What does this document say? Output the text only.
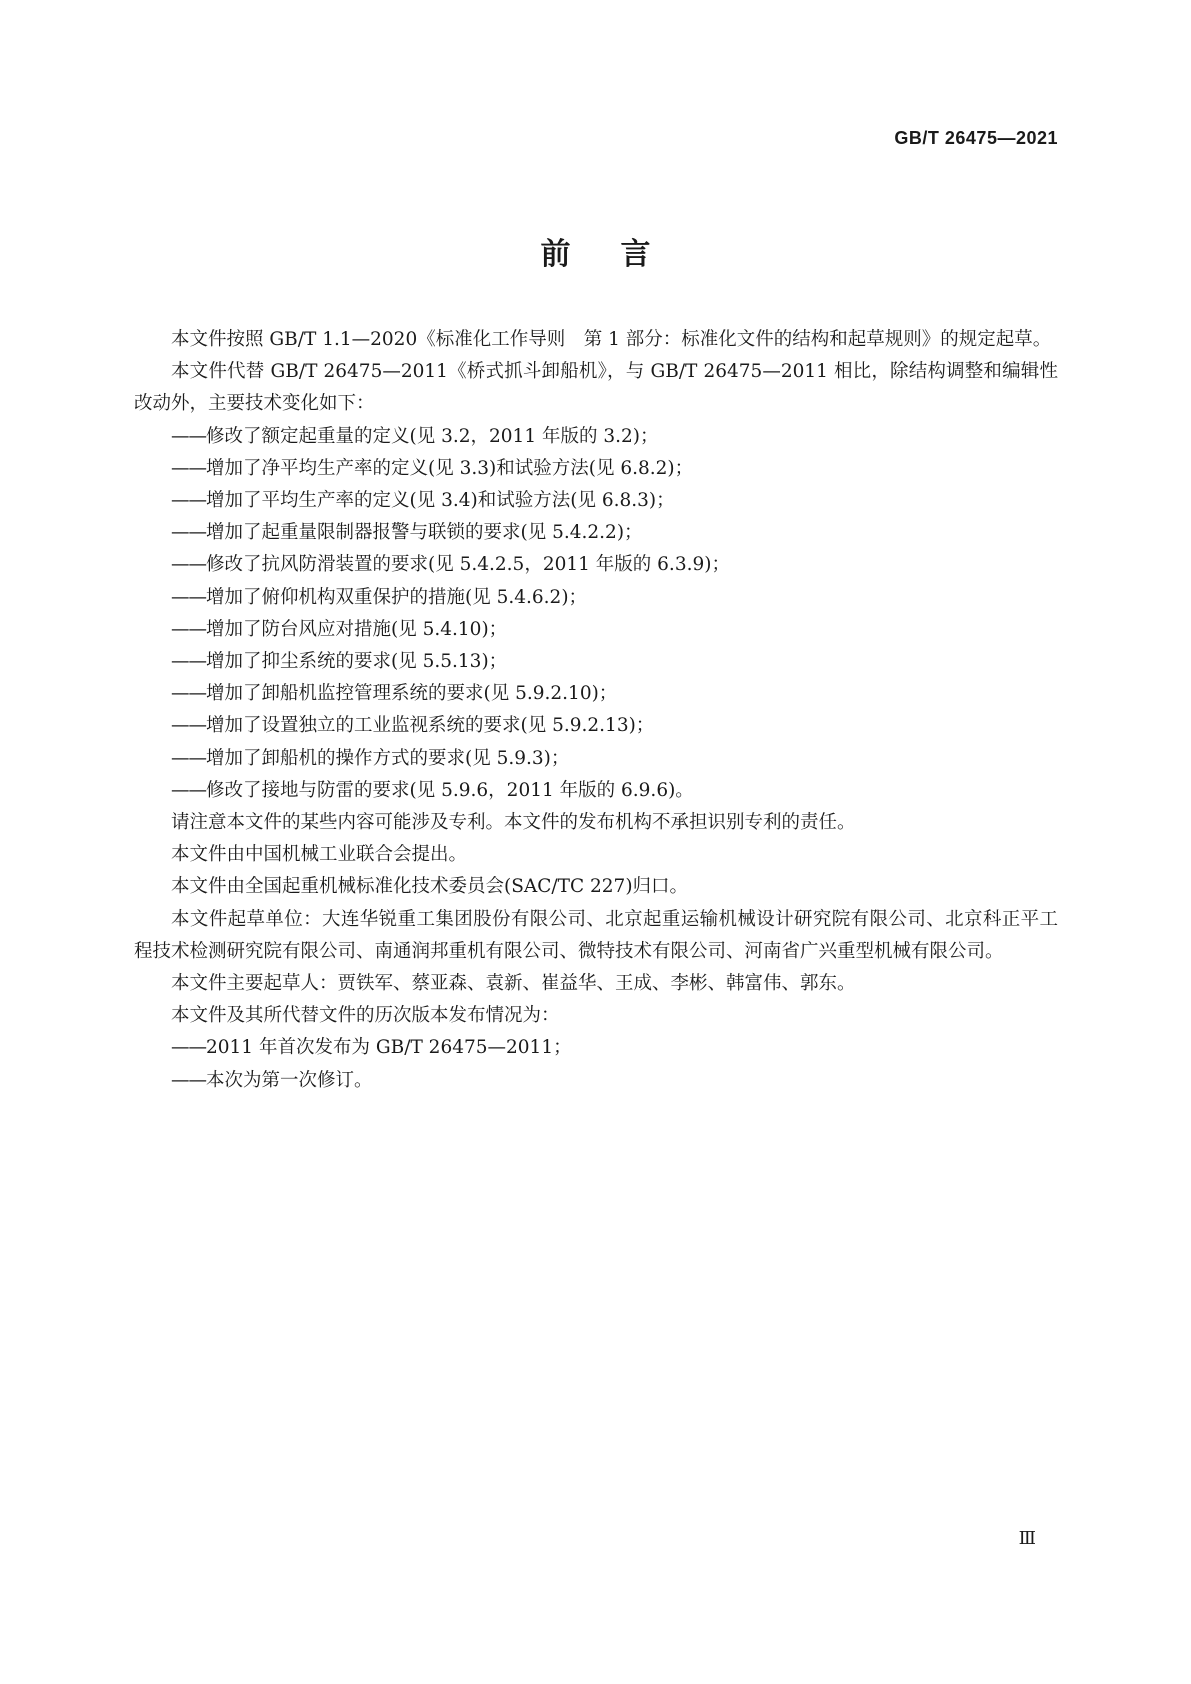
GB/T 26475—2021
前言

本文件按照 GB/T 1.1—2020《标准化工作导则　第 1 部分：标准化文件的结构和起草规则》的规定起草。

本文件代替 GB/T 26475—2011《桥式抓斗卸船机》，与 GB/T 26475—2011 相比，除结构调整和编辑性改动外，主要技术变化如下：

——修改了额定起重量的定义(见 3.2，2011 年版的 3.2)；
——增加了净平均生产率的定义(见 3.3)和试验方法(见 6.8.2)；
——增加了平均生产率的定义(见 3.4)和试验方法(见 6.8.3)；
——增加了起重量限制器报警与联锁的要求(见 5.4.2.2)；
——修改了抗风防滑装置的要求(见 5.4.2.5，2011 年版的 6.3.9)；
——增加了俯仰机构双重保护的措施(见 5.4.6.2)；
——增加了防台风应对措施(见 5.4.10)；
——增加了抑尘系统的要求(见 5.5.13)；
——增加了卸船机监控管理系统的要求(见 5.9.2.10)；
——增加了设置独立的工业监视系统的要求(见 5.9.2.13)；
——增加了卸船机的操作方式的要求(见 5.9.3)；
——修改了接地与防雷的要求(见 5.9.6，2011 年版的 6.9.6)。

请注意本文件的某些内容可能涉及专利。本文件的发布机构不承担识别专利的责任。

本文件由中国机械工业联合会提出。

本文件由全国起重机械标准化技术委员会(SAC/TC 227)归口。

本文件起草单位：大连华锐重工集团股份有限公司、北京起重运输机械设计研究院有限公司、北京科正平工程技术检测研究院有限公司、南通润邦重机有限公司、微特技术有限公司、河南省广兴重型机械有限公司。

本文件主要起草人：贾铁军、蔡亚森、袁新、崔益华、王成、李彬、韩富伟、郭东。

本文件及其所代替文件的历次版本发布情况为：

——2011 年首次发布为 GB/T 26475—2011；
——本次为第一次修订。
Ⅲ
